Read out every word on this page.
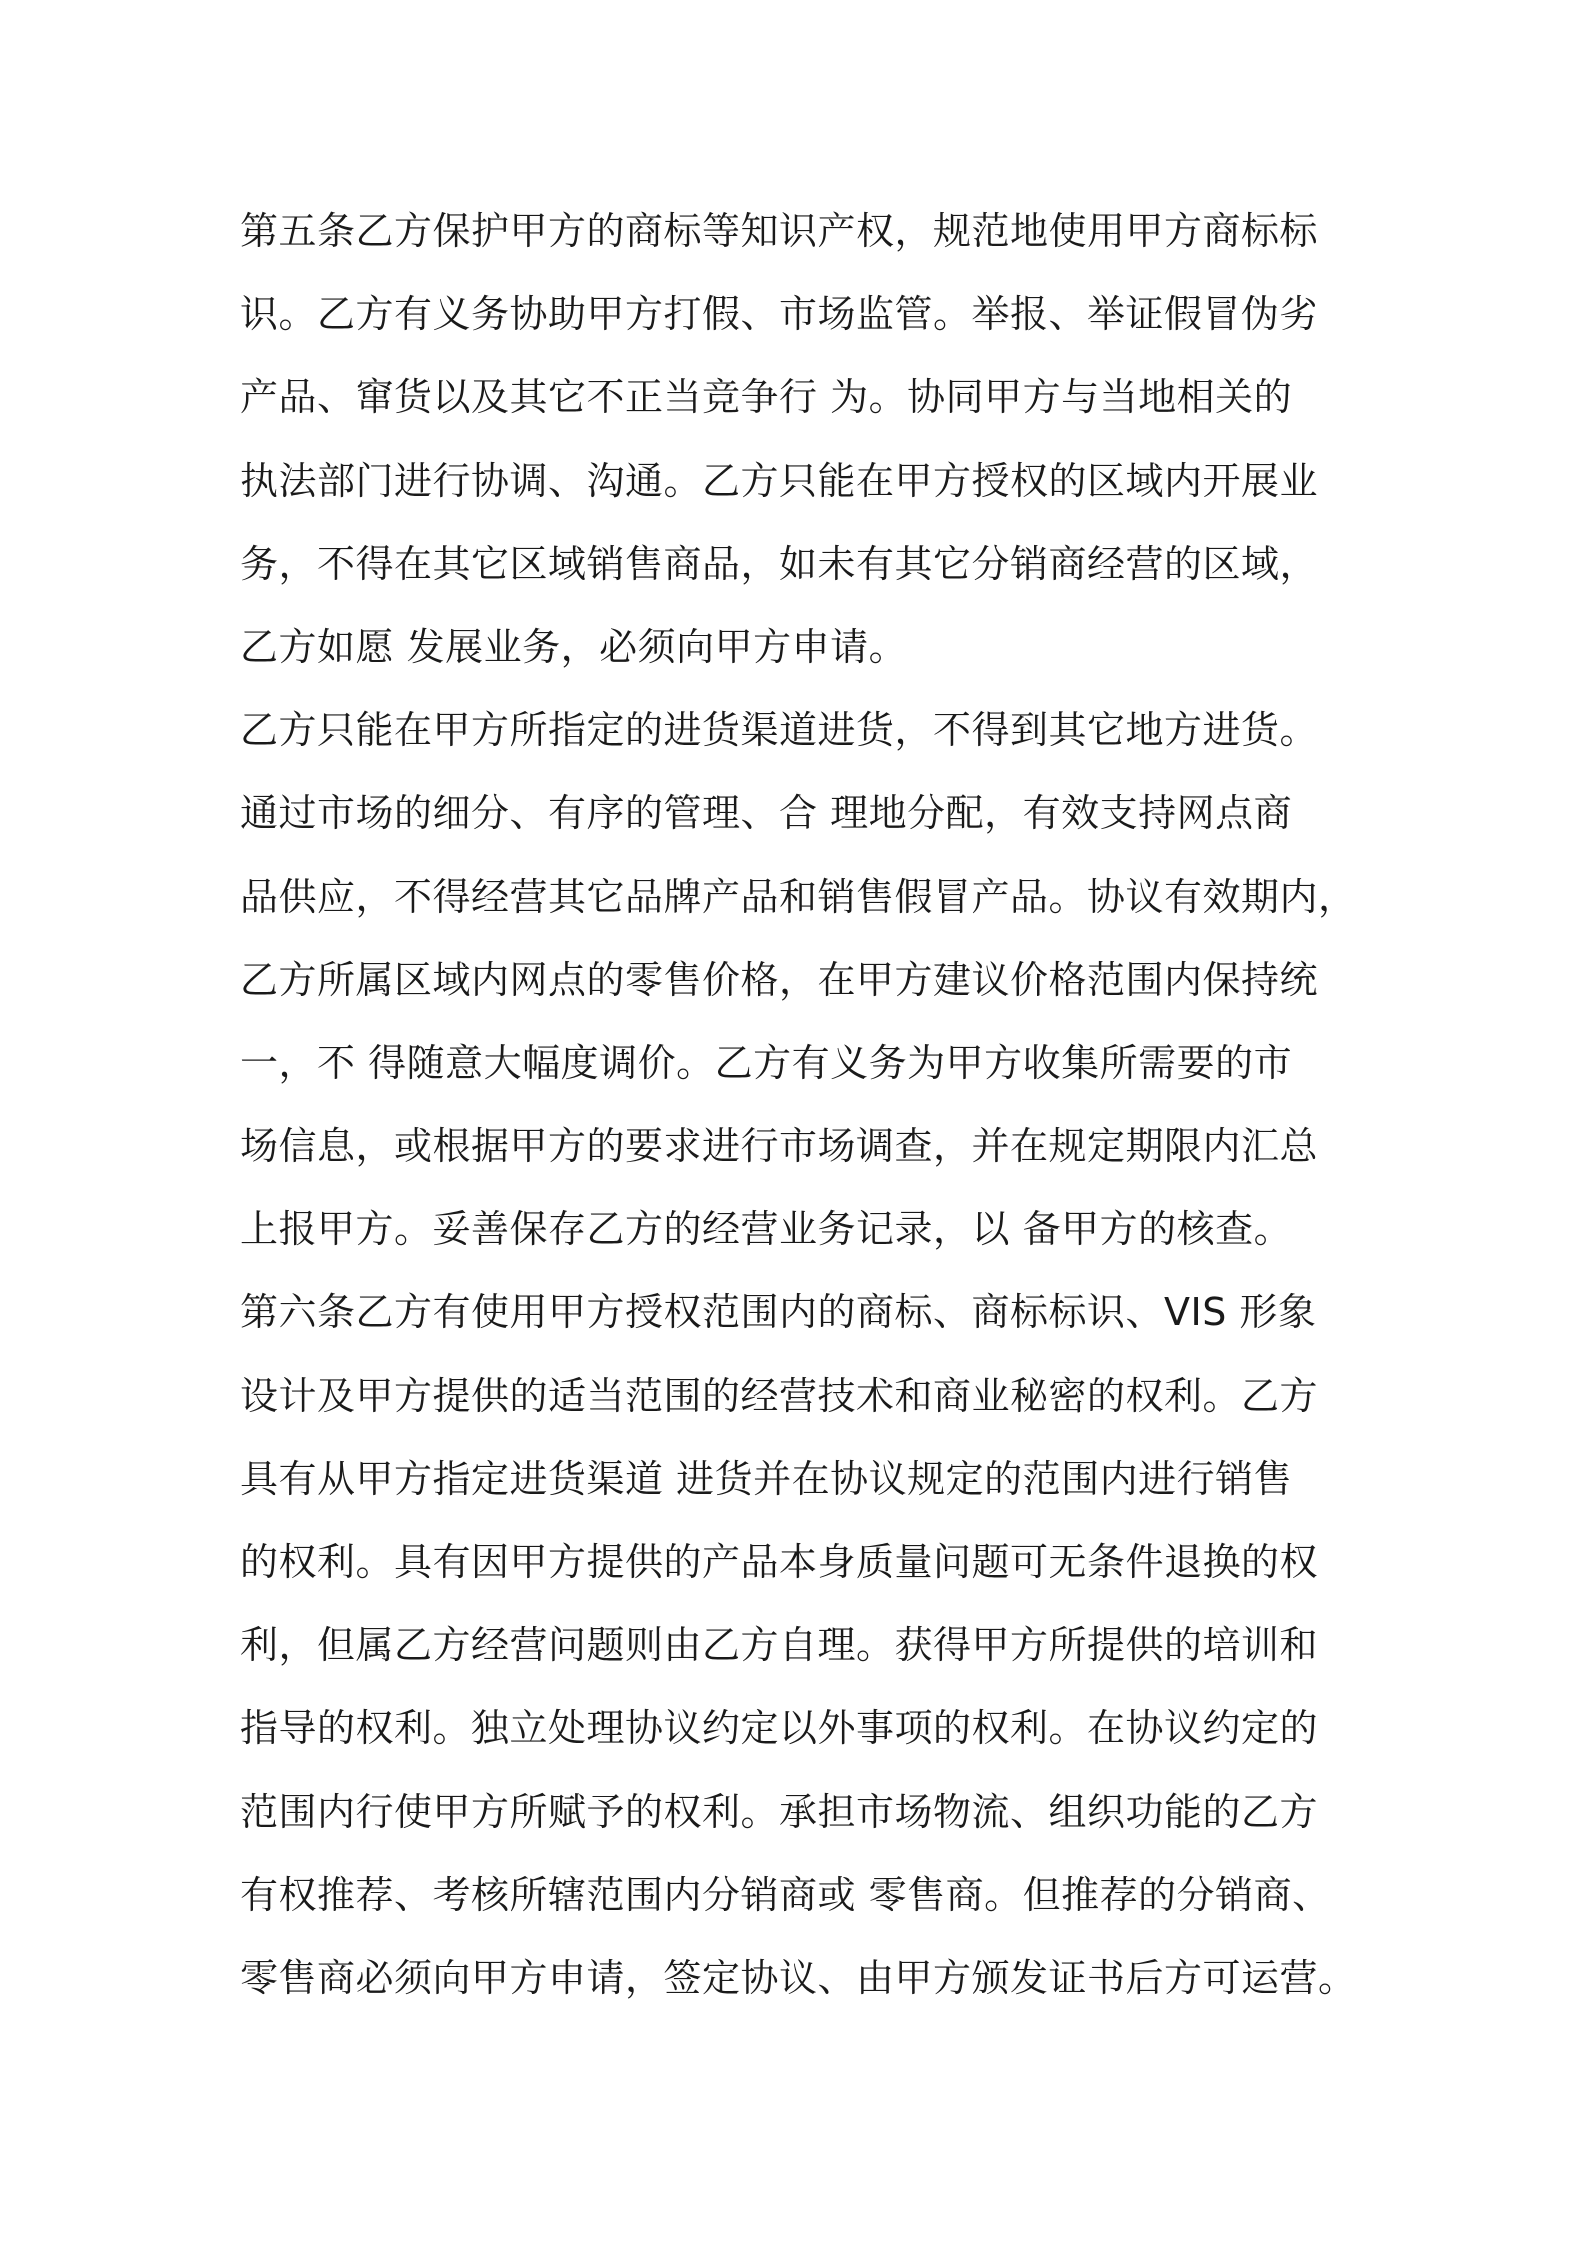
第五条乙方保护甲方的商标等知识产权，规范地使用甲方商标标
识。乙方有义务协助甲方打假、市场监管。举报、举证假冒伪劣
产品、窜货以及其它不正当竞争行 为。协同甲方与当地相关的
执法部门进行协调、沟通。乙方只能在甲方授权的区域内开展业
务，不得在其它区域销售商品，如未有其它分销商经营的区域，
乙方如愿 发展业务，必须向甲方申请。
乙方只能在甲方所指定的进货渠道进货，不得到其它地方进货。
通过市场的细分、有序的管理、合 理地分配，有效支持网点商
品供应，不得经营其它品牌产品和销售假冒产品。协议有效期内，
乙方所属区域内网点的零售价格，在甲方建议价格范围内保持统
一，不 得随意大幅度调价。乙方有义务为甲方收集所需要的市
场信息，或根据甲方的要求进行市场调查，并在规定期限内汇总
上报甲方。妥善保存乙方的经营业务记录，以 备甲方的核查。
第六条乙方有使用甲方授权范围内的商标、商标标识、VIS 形象
设计及甲方提供的适当范围的经营技术和商业秘密的权利。乙方
具有从甲方指定进货渠道 进货并在协议规定的范围内进行销售
的权利。具有因甲方提供的产品本身质量问题可无条件退换的权
利，但属乙方经营问题则由乙方自理。获得甲方所提供的培训和
指导的权利。独立处理协议约定以外事项的权利。在协议约定的
范围内行使甲方所赋予的权利。承担市场物流、组织功能的乙方
有权推荐、考核所辖范围内分销商或 零售商。但推荐的分销商、
零售商必须向甲方申请，签定协议、由甲方颁发证书后方可运营。
